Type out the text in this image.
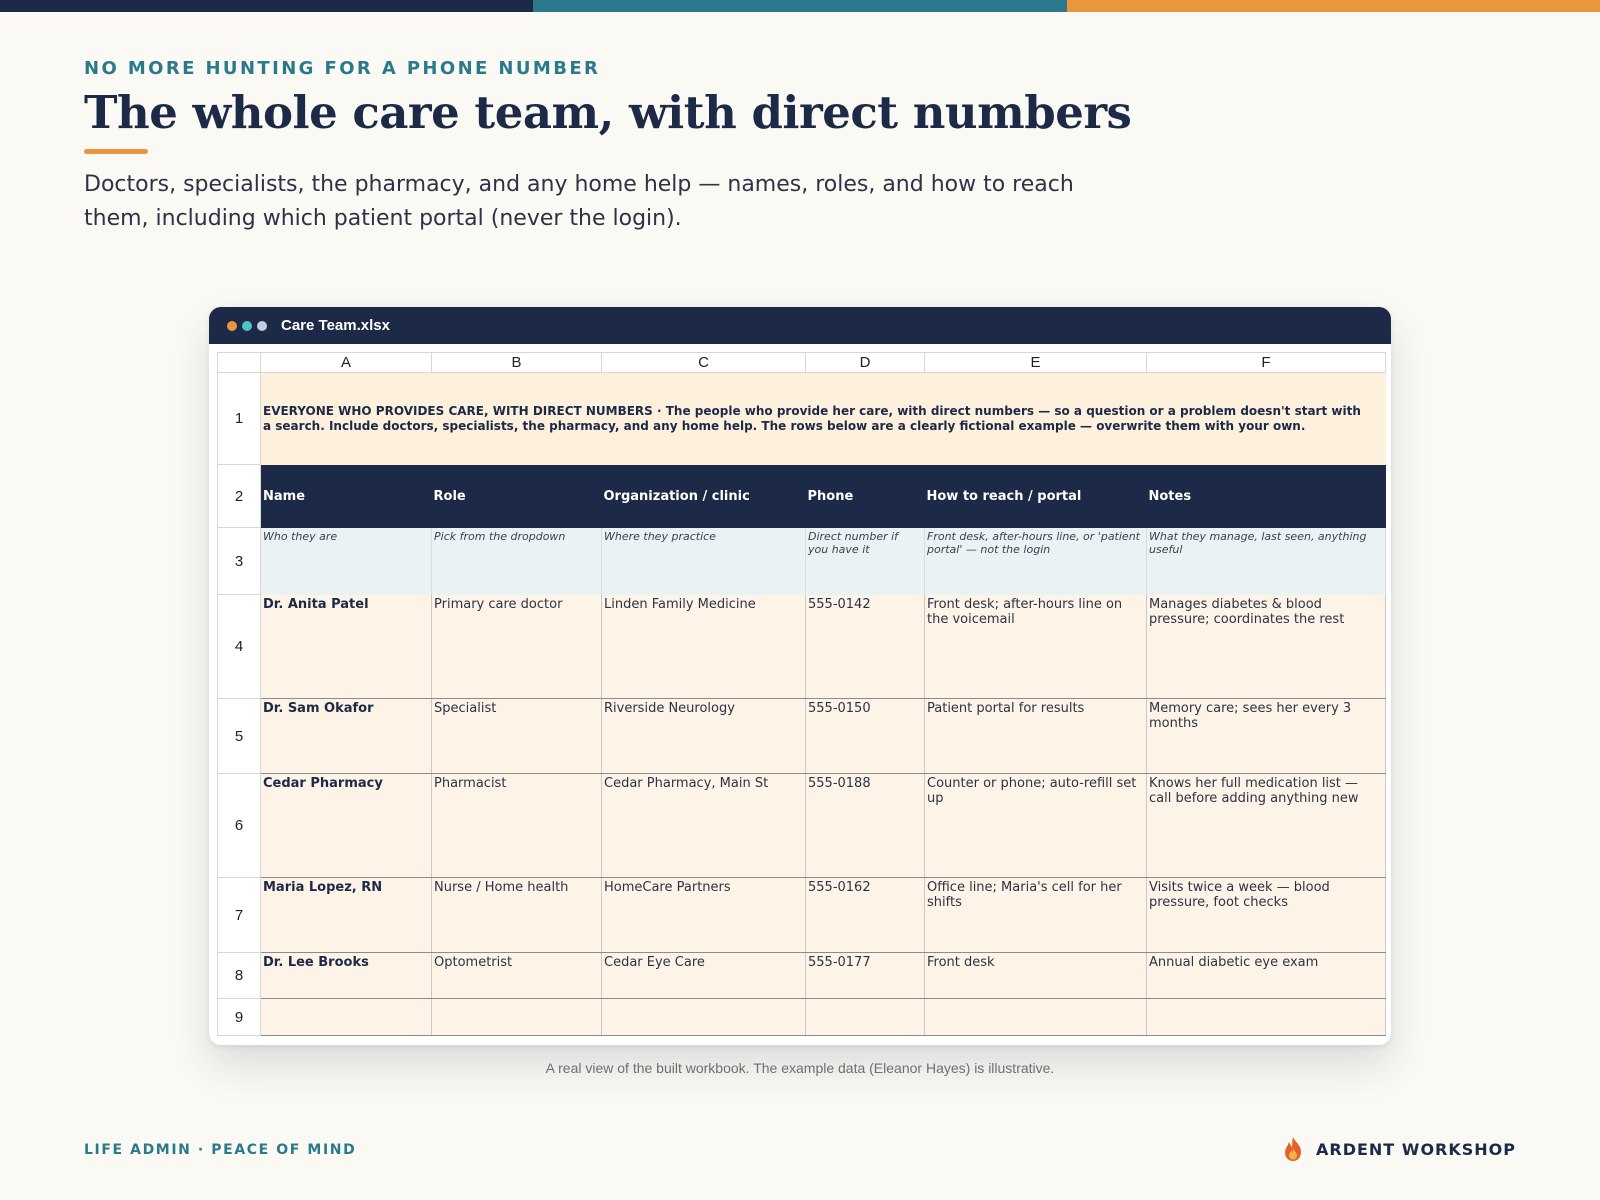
NO MORE HUNTING FOR A PHONE NUMBER
The whole care team, with direct numbers

Doctors, specialists, the pharmacy, and any home help — names, roles, and how to reach them, including which patient portal (never the login).

Care Team.xlsx
	A	B	C	D	E	F
1	EVERYONE WHO PROVIDES CARE, WITH DIRECT NUMBERS · The people who provide her care, with direct numbers — so a question or a problem doesn't start with a search. Include doctors, specialists, the pharmacy, and any home help. The rows below are a clearly fictional example — overwrite them with your own.					
2	Name	Role	Organization / clinic	Phone	How to reach / portal	Notes
3	Who they are	Pick from the dropdown	Where they practice	Direct number if you have it	Front desk, after-hours line, or 'patient portal' — not the login	What they manage, last seen, anything useful
4	Dr. Anita Patel	Primary care doctor	Linden Family Medicine	555-0142	Front desk; after-hours line on the voicemail	Manages diabetes & blood pressure; coordinates the rest
5	Dr. Sam Okafor	Specialist	Riverside Neurology	555-0150	Patient portal for results	Memory care; sees her every 3 months
6	Cedar Pharmacy	Pharmacist	Cedar Pharmacy, Main St	555-0188	Counter or phone; auto-refill set up	Knows her full medication list — call before adding anything new
7	Maria Lopez, RN	Nurse / Home health	HomeCare Partners	555-0162	Office line; Maria's cell for her shifts	Visits twice a week — blood pressure, foot checks
8	Dr. Lee Brooks	Optometrist	Cedar Eye Care	555-0177	Front desk	Annual diabetic eye exam
9						
A real view of the built workbook. The example data (Eleanor Hayes) is illustrative.
LIFE ADMIN · PEACE OF MIND	ARDENT WORKSHOP
